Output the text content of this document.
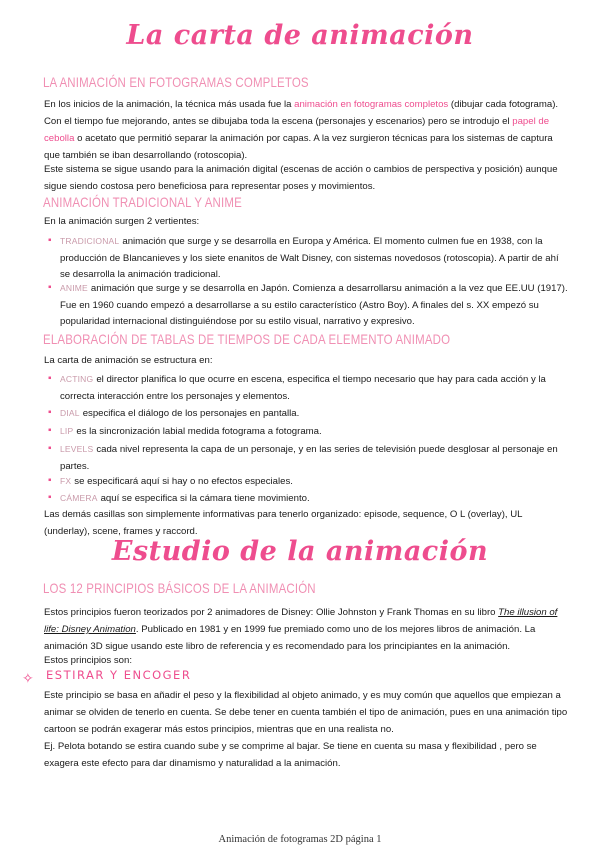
La carta de animación
LA ANIMACIÓN EN FOTOGRAMAS COMPLETOS

En los inicios de la animación, la técnica más usada fue la animación en fotogramas completos (dibujar cada fotograma). Con el tiempo fue mejorando, antes se dibujaba toda la escena (personajes y escenarios) pero se introdujo el papel de cebolla o acetato que permitió separar la animación por capas. A la vez surgieron técnicas para los sistemas de captura que también se iban desarrollando (rotoscopia).

Este sistema se sigue usando para la animación digital (escenas de acción o cambios de perspectiva y posición) aunque sigue siendo costosa pero beneficiosa para representar poses y movimientos.

ANIMACIÓN TRADICIONAL Y ANIME

En la animación surgen 2 vertientes:

▪ TRADICIONAL animación que surge y se desarrolla en Europa y América. El momento culmen fue en 1938, con la producción de Blancanieves y los siete enanitos de Walt Disney, con sistemas novedosos (rotoscopia). A partir de ahí se desarrolla la animación tradicional.
▪ ANIME animación que surge y se desarrolla en Japón. Comienza a desarrollarsu animación a la vez que EE.UU (1917). Fue en 1960 cuando empezó a desarrollarse a su estilo característico (Astro Boy). A finales del s. XX empezó su popularidad internacional distinguiéndose por su estilo visual, narrativo y expresivo.
ELABORACIÓN DE TABLAS DE TIEMPOS DE CADA ELEMENTO ANIMADO

La carta de animación se estructura en:

▪ ACTING el director planifica lo que ocurre en escena, especifica el tiempo necesario que hay para cada acción y la correcta interacción entre los personajes y elementos.
▪ DIAL especifica el diálogo de los personajes en pantalla.
▪ LIP es la sincronización labial medida fotograma a fotograma.
▪ LEVELS cada nivel representa la capa de un personaje, y en las series de televisión puede desglosar al personaje en partes.
▪ FX se especificará aquí si hay o no efectos especiales.
▪ CÁMERA aquí se especifica si la cámara tiene movimiento.

Las demás casillas son simplemente informativas para tenerlo organizado: episode, sequence, O L (overlay), UL (underlay), scene, frames y raccord.

Estudio de la animación
LOS 12 PRINCIPIOS BÁSICOS DE LA ANIMACIÓN

Estos principios fueron teorizados por 2 animadores de Disney: Ollie Johnston y Frank Thomas en su libro The illusion of life: Disney Animation. Publicado en 1981 y en 1999 fue premiado como uno de los mejores libros de animación. La animación 3D sigue usando este libro de referencia y es recomendado para los principiantes en la animación.

Estos principios son:

✧ ESTIRAR Y ENCOGER

Este principio se basa en añadir el peso y la flexibilidad al objeto animado, y es muy común que aquellos que empiezan a animar se olviden de tenerlo en cuenta. Se debe tener en cuenta también el tipo de animación, pues en una animación tipo cartoon se podrán exagerar más estos principios, mientras que en una realista no.

Ej. Pelota botando se estira cuando sube y se comprime al bajar. Se tiene en cuenta su masa y flexibilidad , pero se exagera este efecto para dar dinamismo y naturalidad a la animación.

Animación de fotogramas 2D página 1
